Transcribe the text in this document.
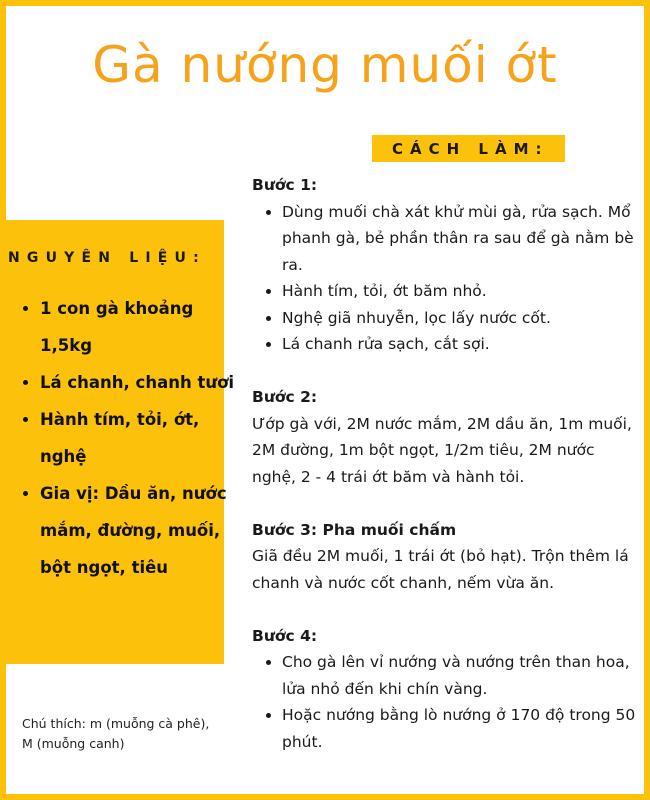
Gà nướng muối ớt
CÁCH LÀM:
NGUYÊN LIỆU:
• 1 con gà khoảng 1,5kg
• Lá chanh, chanh tươi
• Hành tím, tỏi, ớt, nghệ
• Gia vị: Dầu ăn, nước mắm, đường, muối, bột ngọt, tiêu
Chú thích: m (muỗng cà phê), M (muỗng canh)
Bước 1:
• Dùng muối chà xát khử mùi gà, rửa sạch. Mổ phanh gà, bẻ phần thân ra sau để gà nằm bè ra.
• Hành tím, tỏi, ớt băm nhỏ.
• Nghệ giã nhuyễn, lọc lấy nước cốt.
• Lá chanh rửa sạch, cắt sợi.
Bước 2:

Ướp gà với, 2M nước mắm, 2M dầu ăn, 1m muối, 2M đường, 1m bột ngọt, 1/2m tiêu, 2M nước nghệ, 2 - 4 trái ớt băm và hành tỏi.

Bước 3: Pha muối chấm

Giã đều 2M muối, 1 trái ớt (bỏ hạt). Trộn thêm lá chanh và nước cốt chanh, nếm vừa ăn.

Bước 4:
• Cho gà lên vỉ nướng và nướng trên than hoa, lửa nhỏ đến khi chín vàng.
• Hoặc nướng bằng lò nướng ở 170 độ trong 50 phút.
